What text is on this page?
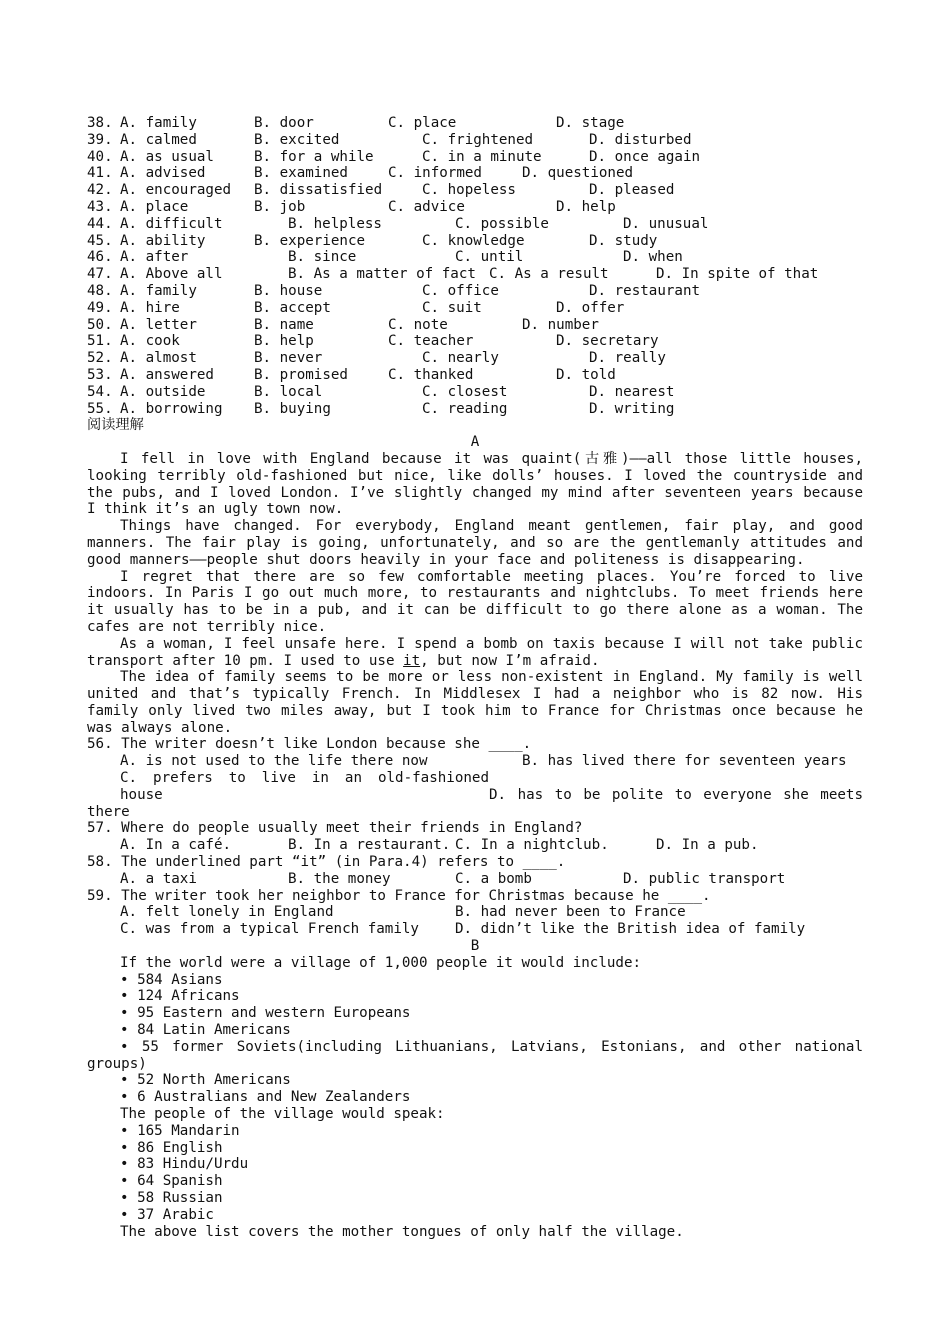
38. A. family	B. door	C. place	D. stage
39. A. calmed	B. excited	C. frightened	D. disturbed
40. A. as usual	B. for a while	C. in a minute	D. once again
41. A. advised	B. examined	C. informed	D. questioned
42. A. encouraged B. dissatisfied	C. hopeless	D. pleased
43. A. place	B. job	C. advice	D. help
44. A. difficult	B. helpless	C. possible	D. unusual
45. A. ability	B. experience	C. knowledge	D. study
46. A. after	B. since	C. until	D. when
47. A. Above all	B. As a matter of fact C. As a result	D. In spite of that
48. A. family	B. house	C. office	D. restaurant
49. A. hire	B. accept	C. suit	D. offer
50. A. letter	B. name	C. note	D. number
51. A. cook	B. help	C. teacher	D. secretary
52. A. almost	B. never	C. nearly	D. really
53. A. answered	B. promised	C. thanked	D. told
54. A. outside	B. local	C. closest	D. nearest
55. A. borrowing B. buying	C. reading	D. writing
阅读理解

A

I fell in love with England because it was quaint(古雅)——all those little houses, looking terribly old-fashioned but nice, like dolls’ houses. I loved the countryside and the pubs, and I loved London. I’ve slightly changed my mind after seventeen years because I think it’s an ugly town now.

Things have changed. For everybody, England meant gentlemen, fair play, and good manners. The fair play is going, unfortunately, and so are the gentlemanly attitudes and good manners——people shut doors heavily in your face and politeness is disappearing.

I regret that there are so few comfortable meeting places. You’re forced to live indoors. In Paris I go out much more, to restaurants and nightclubs. To meet friends here it usually has to be in a pub, and it can be difficult to go there alone as a woman. The cafes are not terribly nice.

As a woman, I feel unsafe here. I spend a bomb on taxis because I will not take public transport after 10 pm. I used to use it, but now I’m afraid.

The idea of family seems to be more or less non-existent in England. My family is well united and that’s typically French. In Middlesex I had a neighbor who is 82 now. His family only lived two miles away, but I took him to France for Christmas once because he was always alone.

56. The writer doesn’t like London because she ____.
A. is not used to the life there now	B. has lived there for seventeen years

C. prefers to live in an old-fashioned house	D. has to be polite to everyone she meets there

57. Where do people usually meet their friends in England?
A. In a café.	B. In a restaurant. C. In a nightclub.	D. In a pub.
58. The underlined part “it” (in Para.4) refers to ____.
A. a taxi	B. the money	C. a bomb	D. public transport
59. The writer took her neighbor to France for Christmas because he ____.
A. felt lonely in England	B. had never been to France
C. was from a typical French family	D. didn’t like the British idea of family

B

If the world were a village of 1,000 people it would include:

• 584 Asians

• 124 Africans

• 95 Eastern and western Europeans

• 84 Latin Americans

• 55 former Soviets(including Lithuanians, Latvians, Estonians, and other national groups)

• 52 North Americans

• 6 Australians and New Zealanders

The people of the village would speak:

• 165 Mandarin

• 86 English

• 83 Hindu/Urdu

• 64 Spanish

• 58 Russian

• 37 Arabic

The above list covers the mother tongues of only half the village.
